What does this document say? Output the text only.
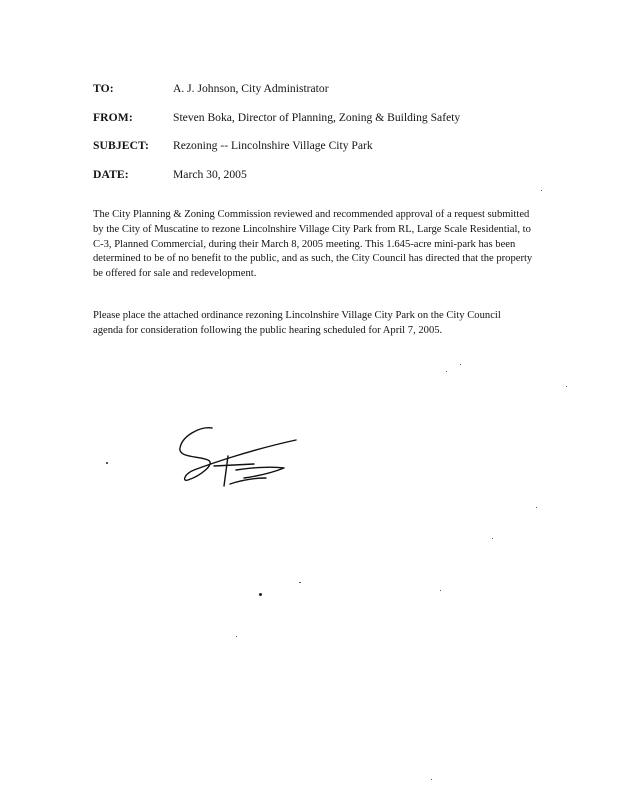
TO:	A. J. Johnson, City Administrator
FROM:	Steven Boka, Director of Planning, Zoning & Building Safety
SUBJECT: Rezoning -- Lincolnshire Village City Park
DATE:	March 30, 2005

The City Planning & Zoning Commission reviewed and recommended approval of a request submitted by the City of Muscatine to rezone Lincolnshire Village City Park from RL, Large Scale Residential, to C-3, Planned Commercial, during their March 8, 2005 meeting. This 1.645-acre mini-park has been determined to be of no benefit to the public, and as such, the City Council has directed that the property be offered for sale and redevelopment.

Please place the attached ordinance rezoning Lincolnshire Village City Park on the City Council agenda for consideration following the public hearing scheduled for April 7, 2005.
